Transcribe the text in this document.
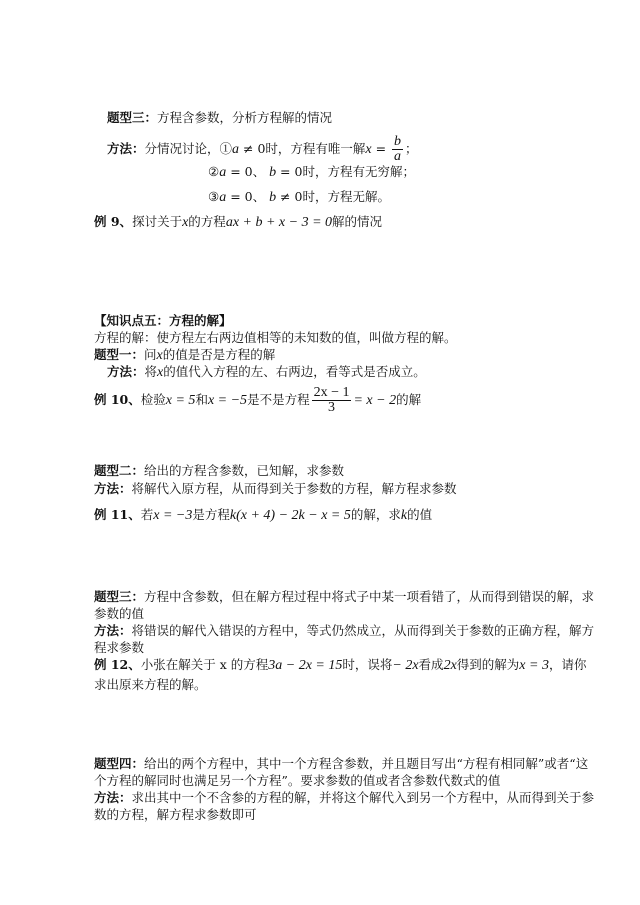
题型三：方程含参数，分析方程解的情况
方法：分情况讨论，①a ≠ 0时，方程有唯一解$x = \frac{b}{a}$ ；
②a = 0、 b = 0时，方程有无穷解；
③a = 0、 b ≠ 0时，方程无解。
例 9、探讨关于x的方程ax + b + x − 3 = 0解的情况
【知识点五：方程的解】
方程的解：使方程左右两边值相等的未知数的值，叫做方程的解。
题型一：问x的值是否是方程的解
方法：将x的值代入方程的左、右两边，看等式是否成立。
例 10、检验x = 5和x = −5是不是方程 $\frac{2x - 1}{3} = x - 2$的解
题型二：给出的方程含参数，已知解，求参数
方法：将解代入原方程，从而得到关于参数的方程，解方程求参数
例 11、若x = −3是方程k(x + 4) − 2k − x = 5的解，求k的值
题型三：方程中含参数，但在解方程过程中将式子中某一项看错了，从而得到错误的解，求
参数的值
方法：将错误的解代入错误的方程中，等式仍然成立，从而得到关于参数的正确方程，解方
程求参数
例 12、小张在解关于 x 的方程3a − 2x = 15时，误将− 2x看成2x得到的解为x = 3，请你
求出原来方程的解。
题型四：给出的两个方程中，其中一个方程含参数，并且题目写出“方程有相同解”或者“这
个方程的解同时也满足另一个方程”。要求参数的值或者含参数代数式的值
方法：求出其中一个不含参的方程的解，并将这个解代入到另一个方程中，从而得到关于参
数的方程，解方程求参数即可
